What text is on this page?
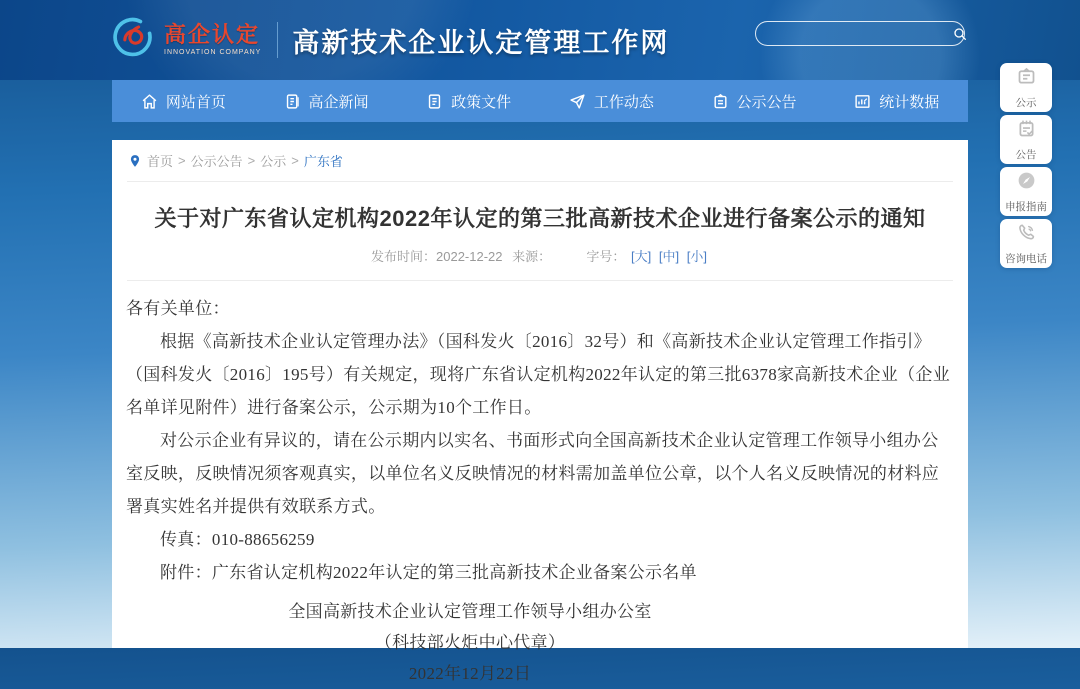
高企认定
INNOVATION COMPANY 高新技术企业认定管理工作网
网站首页	高企新闻	政策文件	工作动态	公示公告	统计数据	公示
公告
申报指南
咨询电话
首页 > 公示公告 > 公示 > 广东省
关于对广东省认定机构2022年认定的第三批高新技术企业进行备案公示的通知
发布时间：2022-12-22 来源：	字号： [大] [中] [小]

各有关单位：

根据《高新技术企业认定管理办法》（国科发火〔2016〕32号）和《高新技术企业认定管理工作指引》（国科发火〔2016〕195号）有关规定，现将广东省认定机构2022年认定的第三批6378家高新技术企业（企业名单详见附件）进行备案公示，公示期为10个工作日。

对公示企业有异议的，请在公示期内以实名、书面形式向全国高新技术企业认定管理工作领导小组办公室反映，反映情况须客观真实，以单位名义反映情况的材料需加盖单位公章，以个人名义反映情况的材料应署真实姓名并提供有效联系方式。

传真：010-88656259

附件：广东省认定机构2022年认定的第三批高新技术企业备案公示名单

全国高新技术企业认定管理工作领导小组办公室
（科技部火炬中心代章）
2022年12月22日
